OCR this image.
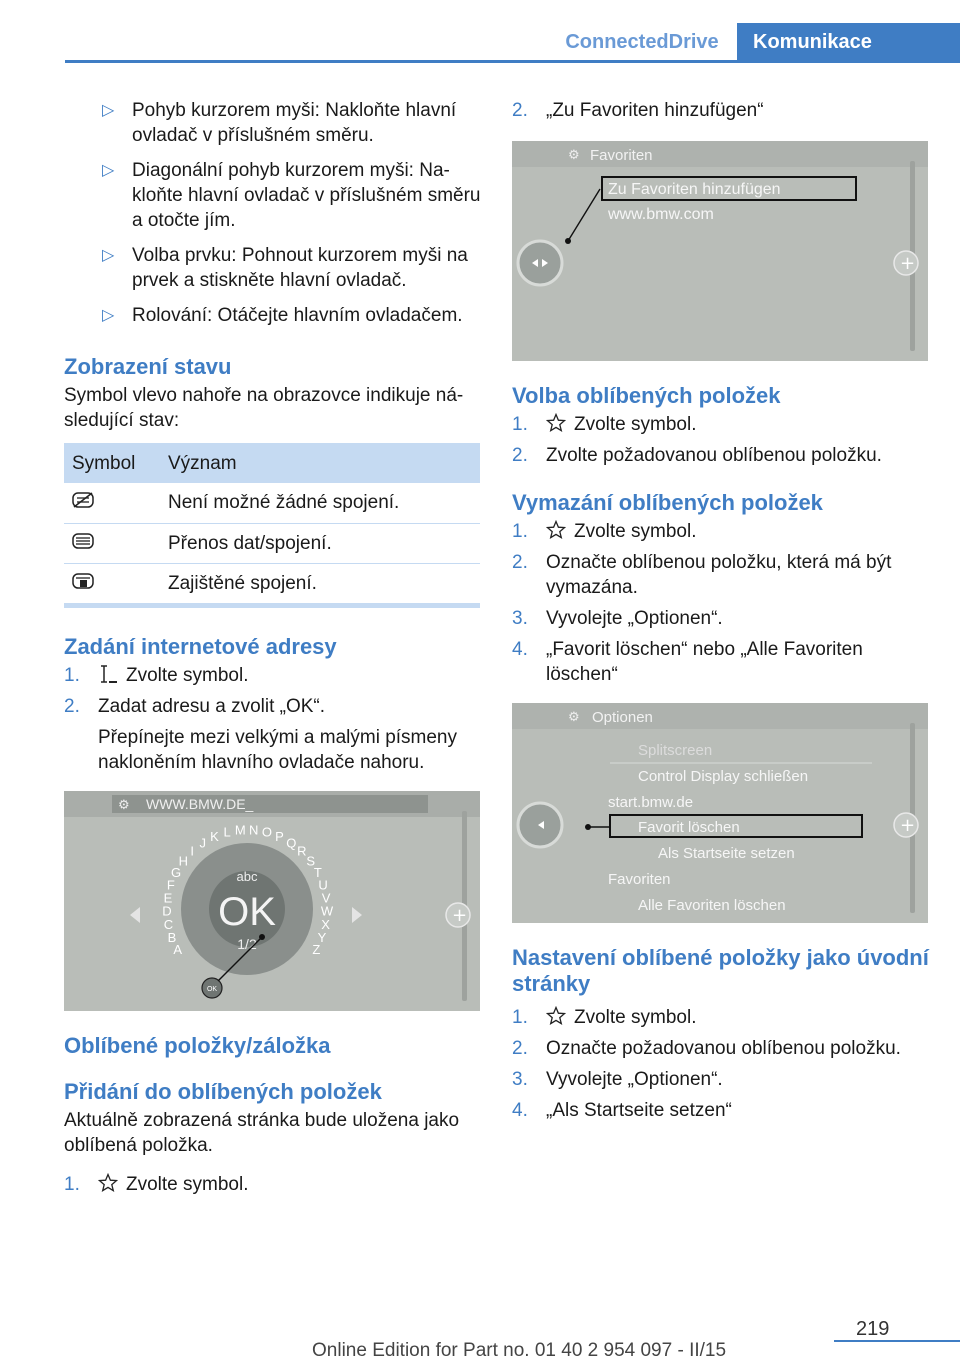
ConnectedDrive	Komunikace
▷ Pohyb kurzorem myši: Nakloňte hlavní ovladač v příslušném směru.
▷ Diagonální pohyb kurzorem myši: Nakloňte hlavní ovladač v příslušném směru a otočte jím.
▷ Volba prvku: Pohnout kurzorem myši na prvek a stiskněte hlavní ovladač.
▷ Rolování: Otáčejte hlavním ovladačem.
Zobrazení stavu
Symbol vlevo nahoře na obrazovce indikuje následující stav:
Symbol	Význam
	Není možné žádné spojení.
	Přenos dat/spojení.
	Zajištěné spojení.
Zadání internetové adresy
1. Zvolte symbol.
2. Zadat adresu a zvolit „OK“.
Přepínejte mezi velkými a malými písmeny nakloněním hlavního ovladače nahoru.
WWW.BMW.DE_
⚙
+
abc
OK
1/2
A
B
C
D
E
F
G
H
I
J K L M N O P Q
R
S
T
U
V
W
X
Y
Z
OK
Oblíbené položky/záložka
Přidání do oblíbených položek
Aktuálně zobrazená stránka bude uložena jako oblíbená položka.
1. Zvolte symbol.
2. „Zu Favoriten hinzufügen“
⚙ Favoriten
Zu Favoriten hinzufügen
www.bmw.com
+
Volba oblíbených položek
1. Zvolte symbol.
2. Zvolte požadovanou oblíbenou položku.
Vymazání oblíbených položek
1. Zvolte symbol.
2. Označte oblíbenou položku, která má být vymazána.
3. Vyvolejte „Optionen“.
4. „Favorit löschen“ nebo „Alle Favoriten löschen“
⚙ Optionen
Splitscreen
Control Display schließen
start.bmw.de
Favorit löschen
Als Startseite setzen
Favoriten
Alle Favoriten löschen
+
Nastavení oblíbené položky jako úvodní stránky
1. Zvolte symbol.
2. Označte požadovanou oblíbenou položku.
3. Vyvolejte „Optionen“.
4. „Als Startseite setzen“
219
Online Edition for Part no. 01 40 2 954 097 - II/15
